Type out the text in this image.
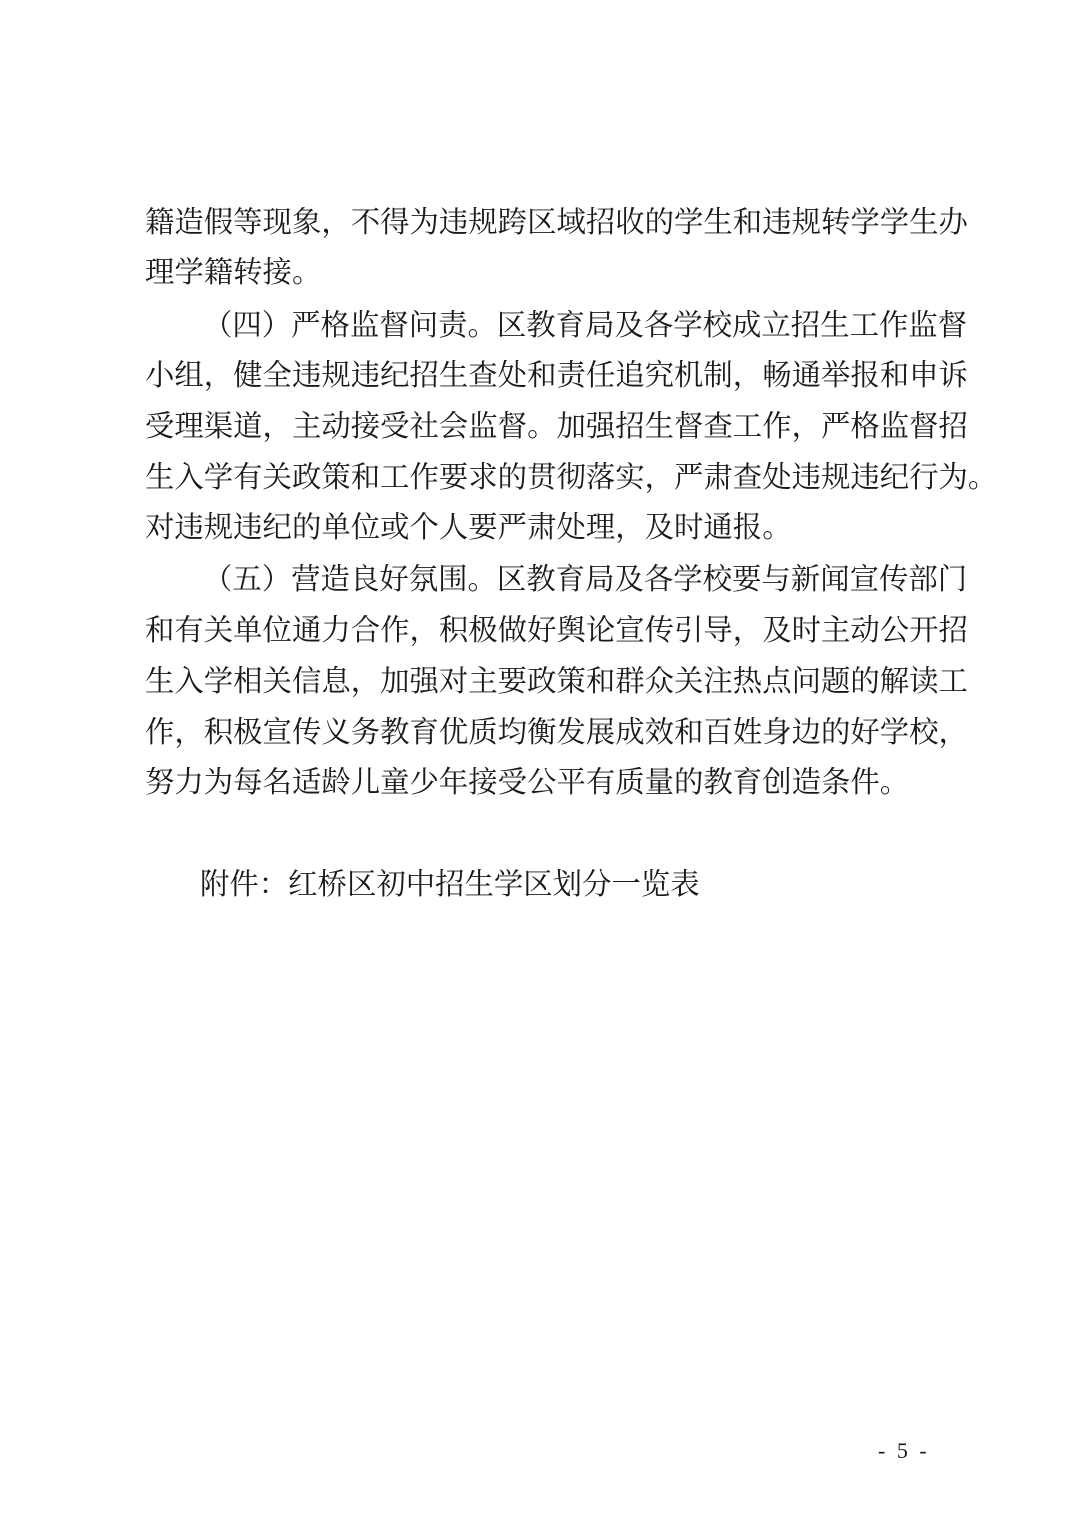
籍造假等现象，不得为违规跨区域招收的学生和违规转学学生办
理学籍转接。
（四）严格监督问责。区教育局及各学校成立招生工作监督
小组，健全违规违纪招生查处和责任追究机制，畅通举报和申诉
受理渠道，主动接受社会监督。加强招生督查工作，严格监督招
生入学有关政策和工作要求的贯彻落实，严肃查处违规违纪行为。
对违规违纪的单位或个人要严肃处理，及时通报。
（五）营造良好氛围。区教育局及各学校要与新闻宣传部门
和有关单位通力合作，积极做好舆论宣传引导，及时主动公开招
生入学相关信息，加强对主要政策和群众关注热点问题的解读工
作，积极宣传义务教育优质均衡发展成效和百姓身边的好学校，
努力为每名适龄儿童少年接受公平有质量的教育创造条件。
附件：红桥区初中招生学区划分一览表
- 5 -
